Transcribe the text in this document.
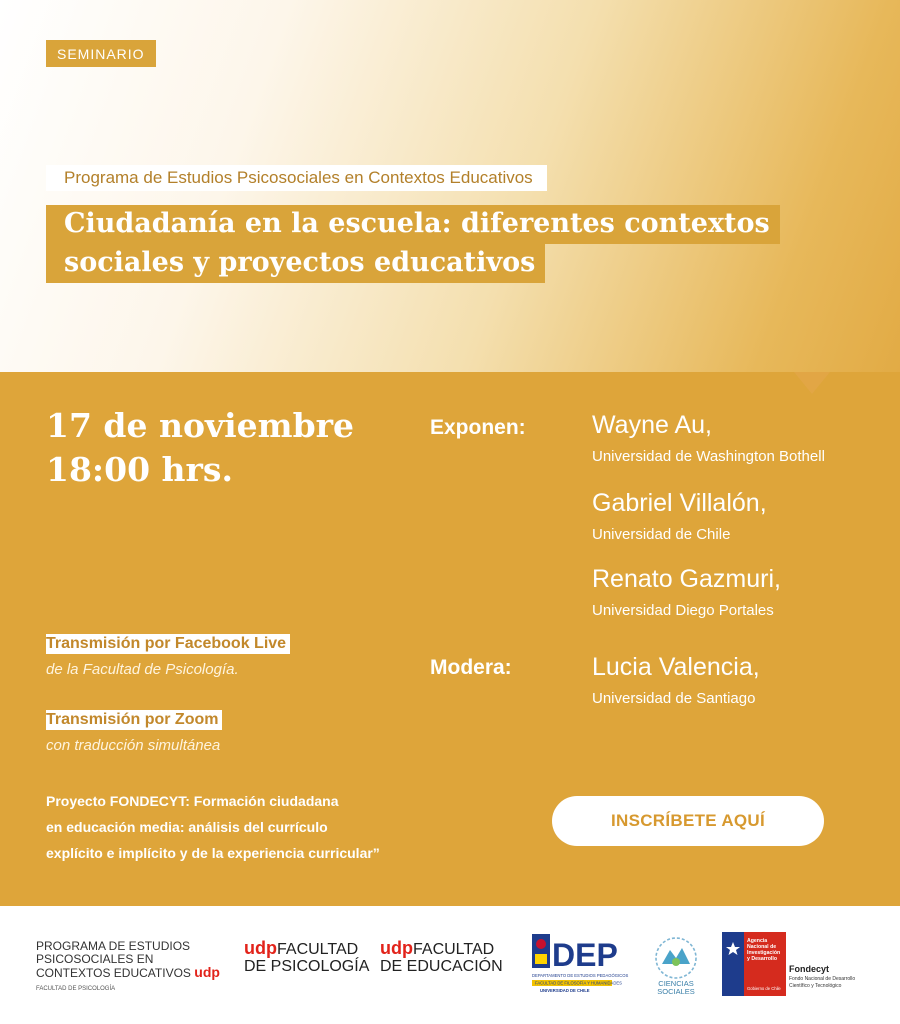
SEMINARIO
Programa de Estudios Psicosociales en Contextos Educativos
Ciudadanía en la escuela: diferentes contextos
sociales y proyectos educativos
17 de noviembre
18:00 hrs.
Exponen:	Wayne Au,
Universidad de Washington Bothell
Gabriel Villalón,
Universidad de Chile
Renato Gazmuri,
Universidad Diego Portales
Modera:	Lucia Valencia,
Universidad de Santiago
Transmisión por Facebook Live
de la Facultad de Psicología.
Transmisión por Zoom
con traducción simultánea
Proyecto FONDECYT: Formación ciudadana
en educación media: análisis del currículo
explícito e implícito y de la experiencia curricular”
INSCRÍBETE AQUÍ
PROGRAMA DE ESTUDIOS
PSICOSOCIALES EN
CONTEXTOS EDUCATIVOS udp
FACULTAD DE PSICOLOGÍA
udpFACULTAD
DE PSICOLOGÍA
udpFACULTAD
DE EDUCACIÓN DEP
DEPARTAMENTO DE ESTUDIOS PEDAGÓGICOS
FACULTAD DE FILOSOFÍA Y HUMANIDADES
UNIVERSIDAD DE CHILE
CIENCIAS
SOCIALES
Agencia
Nacional de
Investigación
y Desarrollo
Gobierno de Chile
Fondecyt
Fondo Nacional de Desarrollo
Científico y Tecnológico
